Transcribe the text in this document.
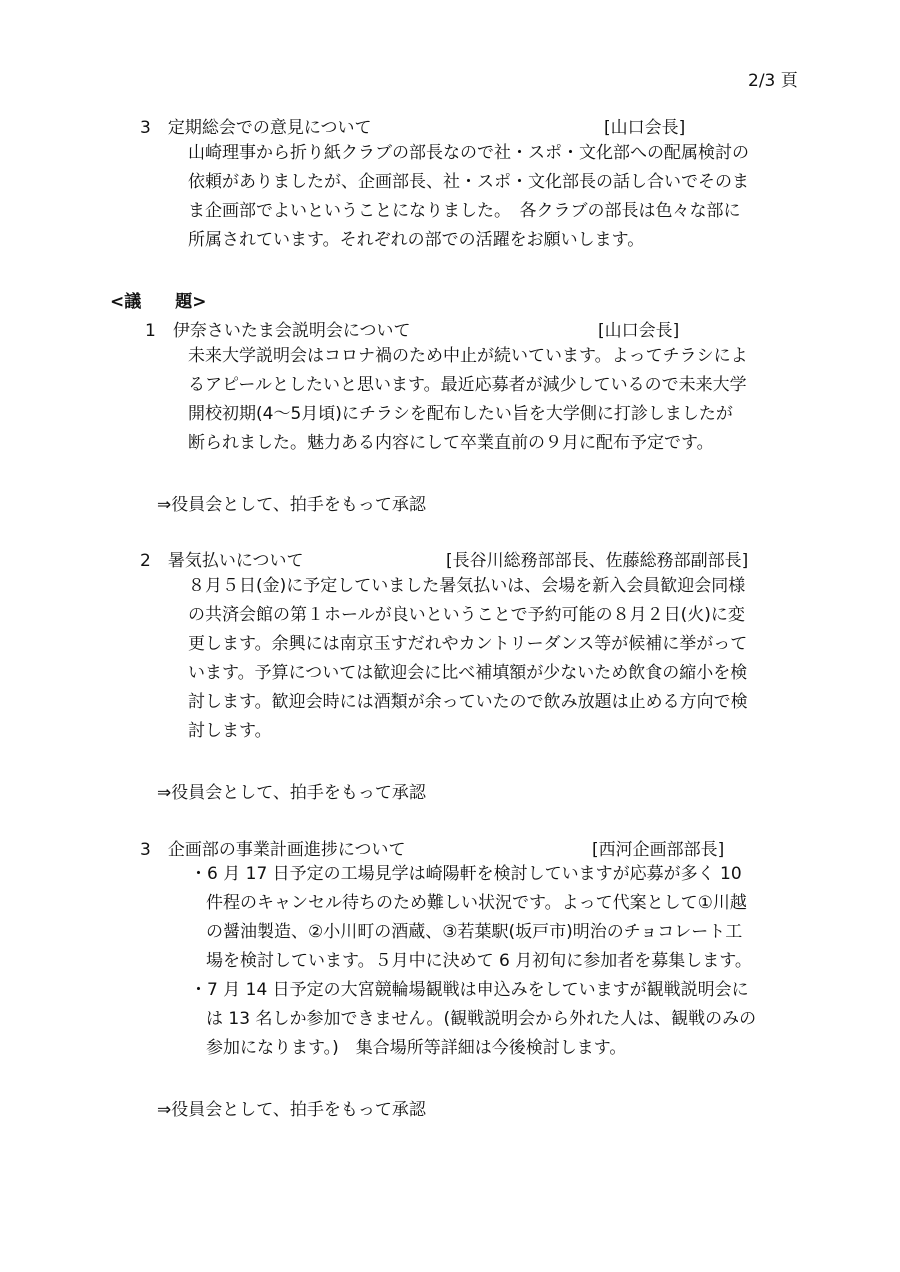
2/3 頁
3　定期総会での意見について	[山口会長]
山崎理事から折り紙クラブの部長なので社・スポ・文化部への配属検討の
依頼がありましたが、企画部長、社・スポ・文化部長の話し合いでそのま
ま企画部でよいということになりました。　各クラブの部長は色々な部に
所属されています。それぞれの部での活躍をお願いします。
<議　　題>
1　伊奈さいたま会説明会について	[山口会長]
未来大学説明会はコロナ禍のため中止が続いています。よってチラシによ
るアピールとしたいと思います。最近応募者が減少しているので未来大学
開校初期(4～5月頃)にチラシを配布したい旨を大学側に打診しましたが
断られました。魅力ある内容にして卒業直前の９月に配布予定です。
⇒役員会として、拍手をもって承認
2　暑気払いについて	[長谷川総務部部長、佐藤総務部副部長]
８月５日(金)に予定していました暑気払いは、会場を新入会員歓迎会同様
の共済会館の第１ホールが良いということで予約可能の８月２日(火)に変
更します。余興には南京玉すだれやカントリーダンス等が候補に挙がって
います。予算については歓迎会に比べ補填額が少ないため飲食の縮小を検
討します。歓迎会時には酒類が余っていたので飲み放題は止める方向で検
討します。
⇒役員会として、拍手をもって承認
3　企画部の事業計画進捗について	[西河企画部部長]
・6 月 17 日予定の工場見学は崎陽軒を検討していますが応募が多く 10
件程のキャンセル待ちのため難しい状況です。よって代案として①川越
の醤油製造、②小川町の酒蔵、③若葉駅(坂戸市)明治のチョコレート工
場を検討しています。５月中に決めて 6 月初旬に参加者を募集します。
・7 月 14 日予定の大宮競輪場観戦は申込みをしていますが観戦説明会に
は 13 名しか参加できません。(観戦説明会から外れた人は、観戦のみの
参加になります。)　集合場所等詳細は今後検討します。
⇒役員会として、拍手をもって承認
